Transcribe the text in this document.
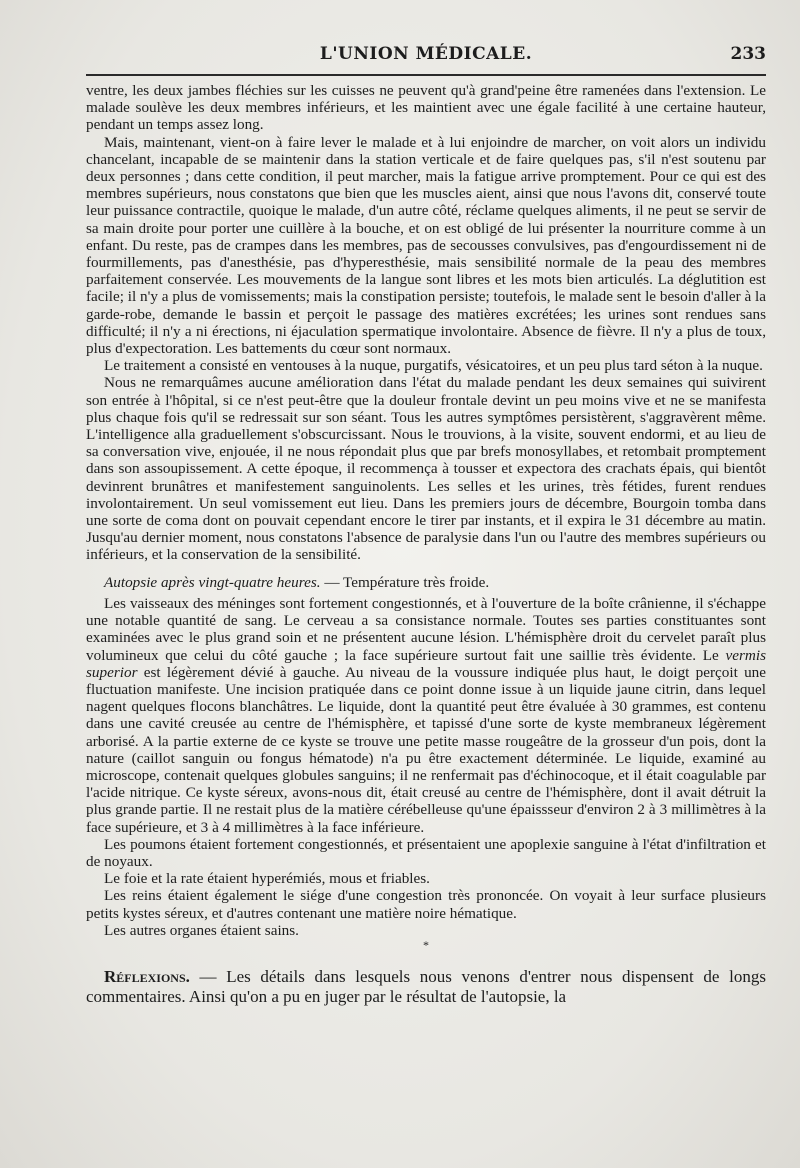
L'UNION MÉDICALE.	233

ventre, les deux jambes fléchies sur les cuisses ne peuvent qu'à grand'peine être ramenées dans l'extension. Le malade soulève les deux membres inférieurs, et les maintient avec une égale facilité à une certaine hauteur, pendant un temps assez long.

Mais, maintenant, vient-on à faire lever le malade et à lui enjoindre de marcher, on voit alors un individu chancelant, incapable de se maintenir dans la station verticale et de faire quelques pas, s'il n'est soutenu par deux personnes ; dans cette condition, il peut marcher, mais la fatigue arrive promptement. Pour ce qui est des membres supérieurs, nous constatons que bien que les muscles aient, ainsi que nous l'avons dit, conservé toute leur puissance contractile, quoique le malade, d'un autre côté, réclame quelques aliments, il ne peut se servir de sa main droite pour porter une cuillère à la bouche, et on est obligé de lui présenter la nourriture comme à un enfant. Du reste, pas de crampes dans les membres, pas de secousses convulsives, pas d'engourdissement ni de fourmillements, pas d'anesthésie, pas d'hyperesthésie, mais sensibilité normale de la peau des membres parfaitement conservée. Les mouvements de la langue sont libres et les mots bien articulés. La déglutition est facile; il n'y a plus de vomissements; mais la constipation persiste; toutefois, le malade sent le besoin d'aller à la garde-robe, demande le bassin et perçoit le passage des matières excrétées; les urines sont rendues sans difficulté; il n'y a ni érections, ni éjaculation spermatique involontaire. Absence de fièvre. Il n'y a plus de toux, plus d'expectoration. Les battements du cœur sont normaux.

Le traitement a consisté en ventouses à la nuque, purgatifs, vésicatoires, et un peu plus tard séton à la nuque.

Nous ne remarquâmes aucune amélioration dans l'état du malade pendant les deux semaines qui suivirent son entrée à l'hôpital, si ce n'est peut-être que la douleur frontale devint un peu moins vive et ne se manifesta plus chaque fois qu'il se redressait sur son séant. Tous les autres symptômes persistèrent, s'aggravèrent même. L'intelligence alla graduellement s'obscurcissant. Nous le trouvions, à la visite, souvent endormi, et au lieu de sa conversation vive, enjouée, il ne nous répondait plus que par brefs monosyllabes, et retombait promptement dans son assoupissement. A cette époque, il recommença à tousser et expectora des crachats épais, qui bientôt devinrent brunâtres et manifestement sanguinolents. Les selles et les urines, très fétides, furent rendues involontairement. Un seul vomissement eut lieu. Dans les premiers jours de décembre, Bourgoin tomba dans une sorte de coma dont on pouvait cependant encore le tirer par instants, et il expira le 31 décembre au matin. Jusqu'au dernier moment, nous constatons l'absence de paralysie dans l'un ou l'autre des membres supérieurs ou inférieurs, et la conservation de la sensibilité.

Autopsie après vingt-quatre heures. — Température très froide.

Les vaisseaux des méninges sont fortement congestionnés, et à l'ouverture de la boîte crânienne, il s'échappe une notable quantité de sang. Le cerveau a sa consistance normale. Toutes ses parties constituantes sont examinées avec le plus grand soin et ne présentent aucune lésion. L'hémisphère droit du cervelet paraît plus volumineux que celui du côté gauche ; la face supérieure surtout fait une saillie très évidente. Le vermis superior est légèrement dévié à gauche. Au niveau de la voussure indiquée plus haut, le doigt perçoit une fluctuation manifeste. Une incision pratiquée dans ce point donne issue à un liquide jaune citrin, dans lequel nagent quelques flocons blanchâtres. Le liquide, dont la quantité peut être évaluée à 30 grammes, est contenu dans une cavité creusée au centre de l'hémisphère, et tapissé d'une sorte de kyste membraneux légèrement arborisé. A la partie externe de ce kyste se trouve une petite masse rougeâtre de la grosseur d'un pois, dont la nature (caillot sanguin ou fongus hématode) n'a pu être exactement déterminée. Le liquide, examiné au microscope, contenait quelques globules sanguins; il ne renfermait pas d'échinocoque, et il était coagulable par l'acide nitrique. Ce kyste séreux, avons-nous dit, était creusé au centre de l'hémisphère, dont il avait détruit la plus grande partie. Il ne restait plus de la matière cérébelleuse qu'une épaissseur d'environ 2 à 3 millimètres à la face supérieure, et 3 à 4 millimètres à la face inférieure.

Les poumons étaient fortement congestionnés, et présentaient une apoplexie sanguine à l'état d'infiltration et de noyaux.

Le foie et la rate étaient hyperémiés, mous et friables.

Les reins étaient également le siége d'une congestion très prononcée. On voyait à leur surface plusieurs petits kystes séreux, et d'autres contenant une matière noire hématique.

Les autres organes étaient sains.

*

Réflexions. — Les détails dans lesquels nous venons d'entrer nous dispensent de longs commentaires. Ainsi qu'on a pu en juger par le résultat de l'autopsie, la
